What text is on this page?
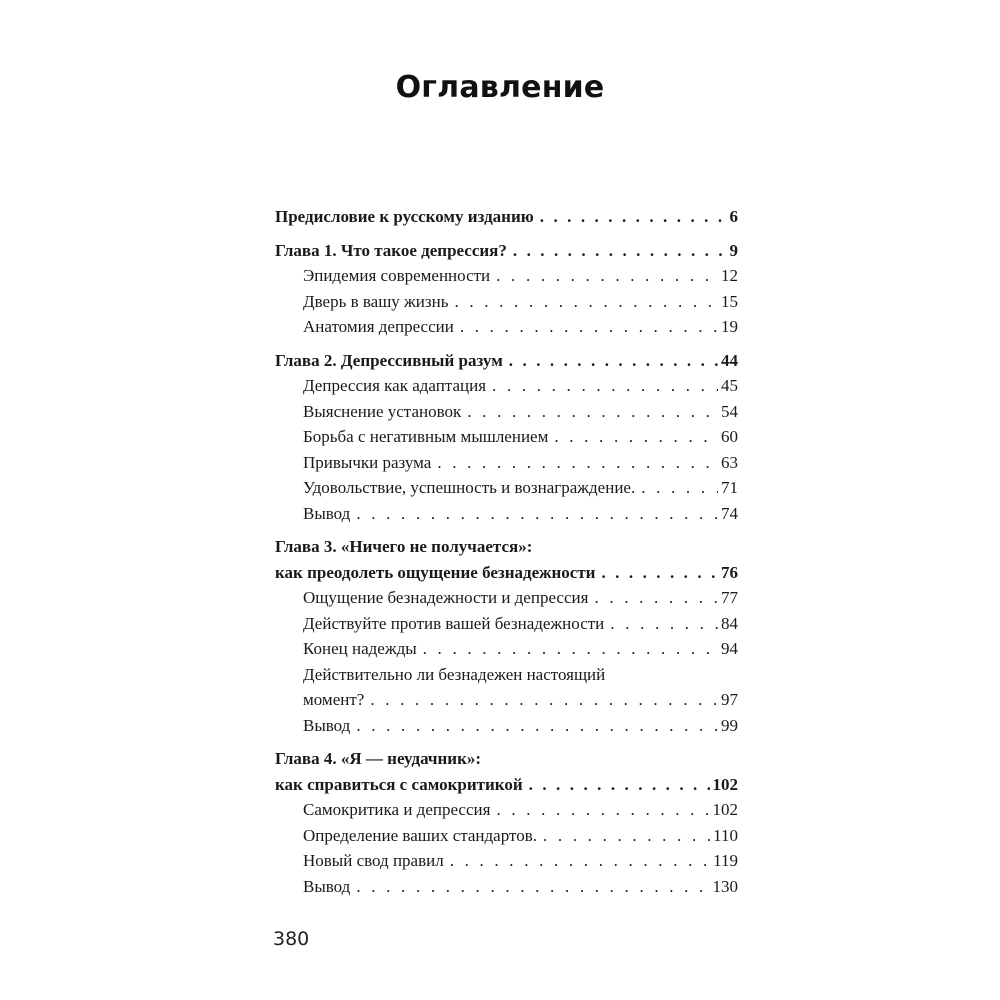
Оглавление
Предисловие к русскому изданию . . .	6
Глава 1. Что такое депрессия? . . .	9
Эпидемия современности . . .	12
Дверь в вашу жизнь . . .	15
Анатомия депрессии . . .	19
Глава 2. Депрессивный разум . . .	44
Депрессия как адаптация . . .	45
Выяснение установок . . .	54
Борьба с негативным мышлением . . .	60
Привычки разума . . .	63
Удовольствие, успешность и вознаграждение. . . .	71
Вывод . . .	74
Глава 3. «Ничего не получается»:
как преодолеть ощущение безнадежности . . .	76
Ощущение безнадежности и депрессия . . .	77
Действуйте против вашей безнадежности . . .	84
Конец надежды . . .	94
Действительно ли безнадежен настоящий
момент? . . .	97
Вывод . . .	99
Глава 4. «Я — неудачник»:
как справиться с самокритикой . . .	102
Самокритика и депрессия . . .	102
Определение ваших стандартов. . . .	110
Новый свод правил . . .	119
Вывод . . .	130
380
